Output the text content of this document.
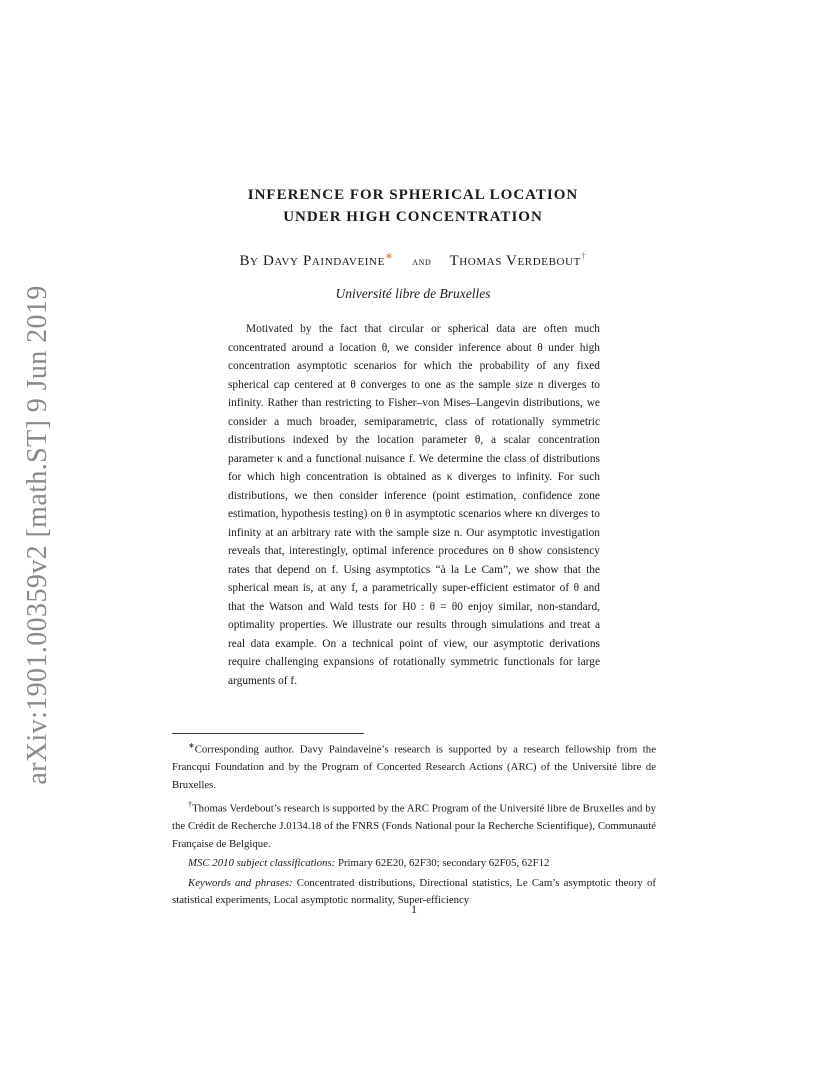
arXiv:1901.00359v2 [math.ST] 9 Jun 2019
INFERENCE FOR SPHERICAL LOCATION
UNDER HIGH CONCENTRATION
By Davy Paindaveine∗ and Thomas Verdebout†
Université libre de Bruxelles
Motivated by the fact that circular or spherical data are often much concentrated around a location θ, we consider inference about θ under high concentration asymptotic scenarios for which the probability of any fixed spherical cap centered at θ converges to one as the sample size n diverges to infinity. Rather than restricting to Fisher–von Mises–Langevin distributions, we consider a much broader, semiparametric, class of rotationally symmetric distributions indexed by the location parameter θ, a scalar concentration parameter κ and a functional nuisance f. We determine the class of distributions for which high concentration is obtained as κ diverges to infinity. For such distributions, we then consider inference (point estimation, confidence zone estimation, hypothesis testing) on θ in asymptotic scenarios where κn diverges to infinity at an arbitrary rate with the sample size n. Our asymptotic investigation reveals that, interestingly, optimal inference procedures on θ show consistency rates that depend on f. Using asymptotics “à la Le Cam”, we show that the spherical mean is, at any f, a parametrically super-efficient estimator of θ and that the Watson and Wald tests for H0 : θ = θ0 enjoy similar, non-standard, optimality properties. We illustrate our results through simulations and treat a real data example. On a technical point of view, our asymptotic derivations require challenging expansions of rotationally symmetric functionals for large arguments of f.

∗Corresponding author. Davy Paindaveine’s research is supported by a research fellowship from the Francqui Foundation and by the Program of Concerted Research Actions (ARC) of the Université libre de Bruxelles.

†Thomas Verdebout’s research is supported by the ARC Program of the Université libre de Bruxelles and by the Crédit de Recherche J.0134.18 of the FNRS (Fonds National pour la Recherche Scientifique), Communauté Française de Belgique.

MSC 2010 subject classifications: Primary 62E20, 62F30; secondary 62F05, 62F12

Keywords and phrases: Concentrated distributions, Directional statistics, Le Cam’s asymptotic theory of statistical experiments, Local asymptotic normality, Super-efficiency

1
